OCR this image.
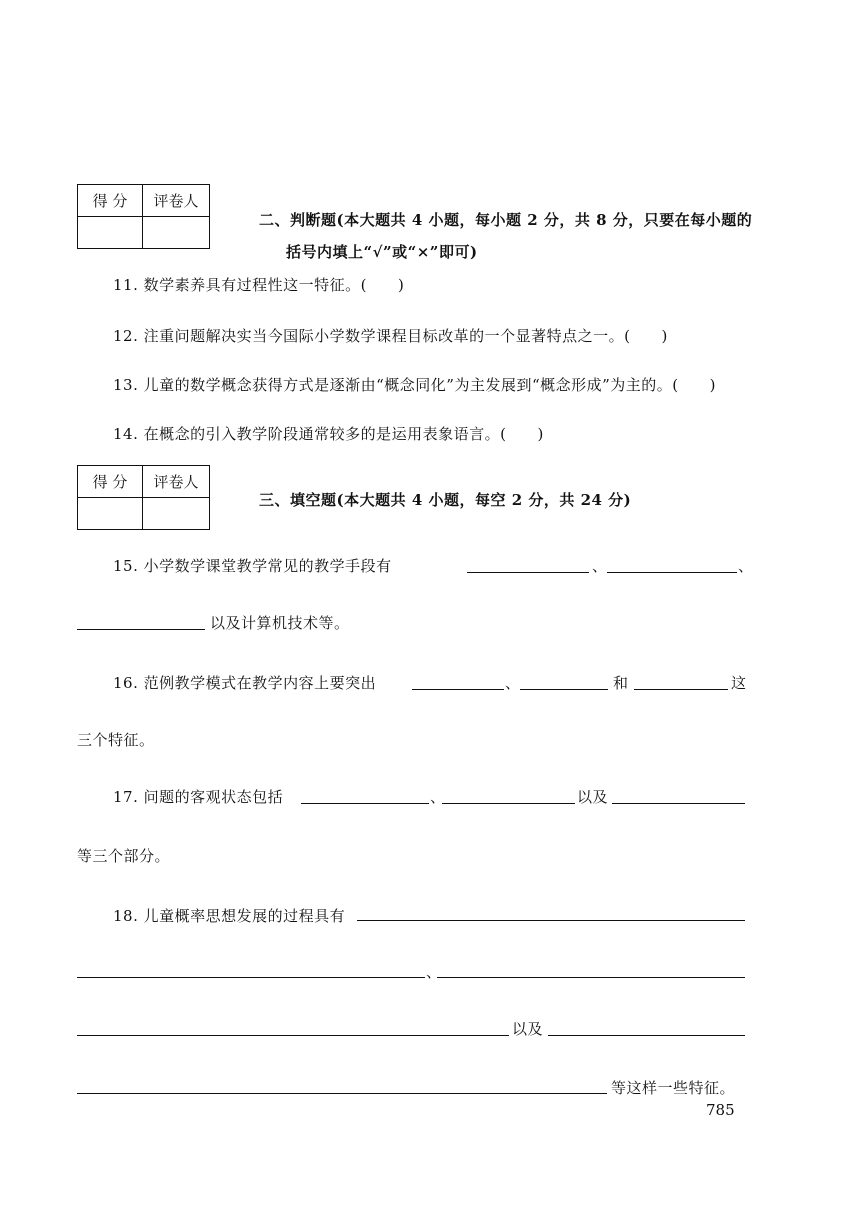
得 分	评卷人

二、判断题(本大题共 4 小题，每小题 2 分，共 8 分，只要在每小题的
括号内填上“√”或“×”即可)
11. 数学素养具有过程性这一特征。(　　)
12. 注重问题解决实当今国际小学数学课程目标改革的一个显著特点之一。(　　)
13. 儿童的数学概念获得方式是逐渐由“概念同化”为主发展到“概念形成”为主的。(　　)
14. 在概念的引入教学阶段通常较多的是运用表象语言。(　　)
得 分	评卷人

三、填空题(本大题共 4 小题，每空 2 分，共 24 分)
15. 小学数学课堂教学常见的教学手段有	、	、
以及计算机技术等。
16. 范例教学模式在教学内容上要突出	、	和	这
三个特征。
17. 问题的客观状态包括	、	以及
等三个部分。
18. 儿童概率思想发展的过程具有
、
以及
等这样一些特征。
785
